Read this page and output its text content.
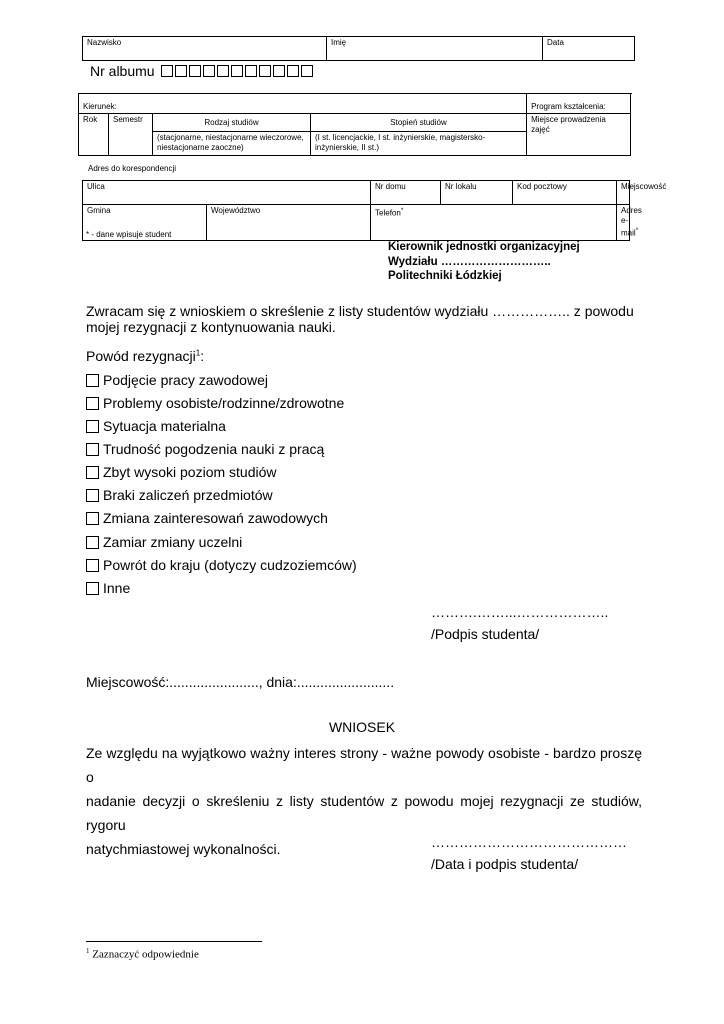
Nazwisko	Imię	Data
Nr albumu
Kierunek:				Program kształcenia:
Rok	Semestr	Rodzaj studiów	Stopień studiów	Miejsce prowadzenia zajęć
		(stacjonarne, niestacjonarne wieczorowe, niestacjonarne zaoczne)	(I st. licencjackie, I st. inżynierskie, magistersko-inżynierskie, II st.)	
Adres do korespondencji
Ulica		Nr domu	Nr lokalu	Kod pocztowy	Miejscowość
Gmina	Województwo	Telefon*			Adres e-mail*
* - dane wpisuje student
Kierownik jednostki organizacyjnej
Wydziału ………………………..
Politechniki Łódzkiej
Zwracam się z wnioskiem o skreślenie z listy studentów wydziału …………….. z powodu
mojej rezygnacji z kontynuowania nauki.
Powód rezygnacji$^1$:
Podjęcie pracy zawodowej
Problemy osobiste/rodzinne/zdrowotne
Sytuacja materialna
Trudność pogodzenia nauki z pracą
Zbyt wysoki poziom studiów
Braki zaliczeń przedmiotów
Zmiana zainteresowań zawodowych
Zamiar zmiany uczelni
Powrót do kraju (dotyczy cudzoziemców)
Inne
……….……...………………..
/Podpis studenta/
Miejscowość:......................., dnia:.........................
WNIOSEK
Ze względu na wyjątkowo ważny interes strony - ważne powody osobiste - bardzo proszę o
nadanie decyzji o skreśleniu z listy studentów z powodu mojej rezygnacji ze studiów, rygoru
natychmiastowej wykonalności.	……………………………………
/Data i podpis studenta/
$^1$ Zaznaczyć odpowiednie
